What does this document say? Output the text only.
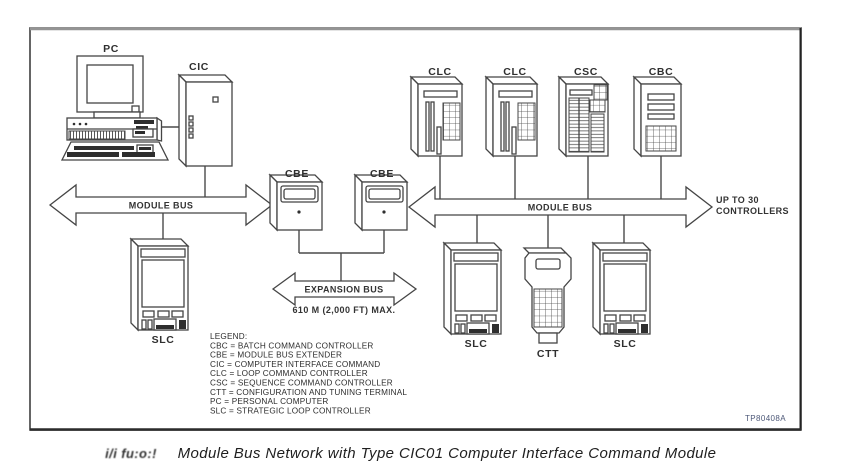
MODULE BUS	MODULE BUS
UP TO 30
CONTROLLERS
EXPANSION BUS
610 M (2,000 FT) MAX.
PC
CIC
CBE	CBE
CLC	CLC	CSC	CBC
SLC	SLC
CTT
SLC
LEGEND:
CBC = BATCH COMMAND CONTROLLER
CBE = MODULE BUS EXTENDER
CIC = COMPUTER INTERFACE COMMAND
CLC = LOOP COMMAND CONTROLLER
CSC = SEQUENCE COMMAND CONTROLLER
CTT = CONFIGURATION AND TUNING TERMINAL
PC = PERSONAL COMPUTER
SLC = STRATEGIC LOOP CONTROLLER
TP80408A
i/i fu:o:! Module Bus Network with Type CIC01 Computer Interface Command Module
